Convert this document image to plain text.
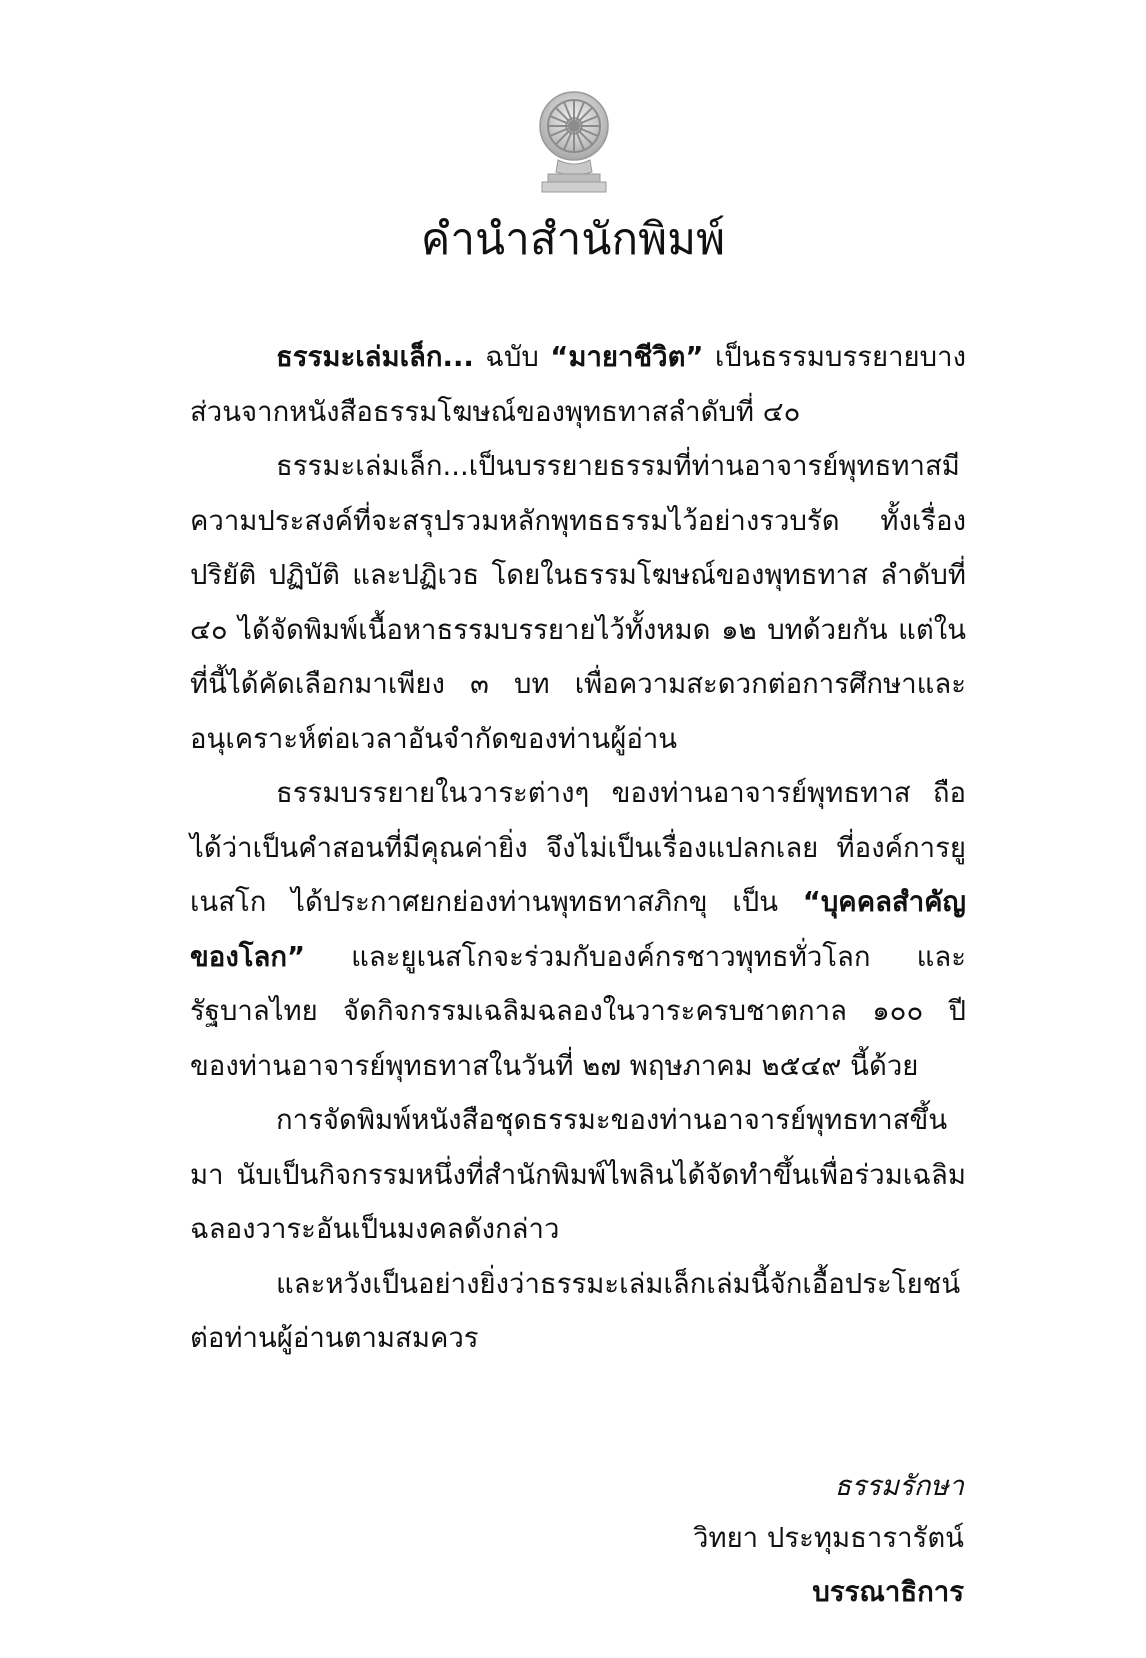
คำนำสำนักพิมพ์

ธรรมะเล่มเล็ก... ฉบับ “มายาชีวิต” เป็นธรรมบรรยายบางส่วนจากหนังสือธรรมโฆษณ์ของพุทธทาสลำดับที่ ๔๐

ธรรมะเล่มเล็ก...เป็นบรรยายธรรมที่ท่านอาจารย์พุทธทาสมีความประสงค์ที่จะสรุปรวมหลักพุทธธรรมไว้อย่างรวบรัด ทั้งเรื่องปริยัติ ปฏิบัติ และปฏิเวธ โดยในธรรมโฆษณ์ของพุทธทาส ลำดับที่ ๔๐ ได้จัดพิมพ์เนื้อหาธรรมบรรยายไว้ทั้งหมด ๑๒ บทด้วยกัน แต่ในที่นี้ได้คัดเลือกมาเพียง ๓ บท เพื่อความสะดวกต่อการศึกษาและอนุเคราะห์ต่อเวลาอันจำกัดของท่านผู้อ่าน

ธรรมบรรยายในวาระต่างๆ ของท่านอาจารย์พุทธทาส ถือได้ว่าเป็นคำสอนที่มีคุณค่ายิ่ง จึงไม่เป็นเรื่องแปลกเลย ที่องค์การยูเนสโก ได้ประกาศยกย่องท่านพุทธทาสภิกขุ เป็น “บุคคลสำคัญของโลก” และยูเนสโกจะร่วมกับองค์กรชาวพุทธทั่วโลก และรัฐบาลไทย จัดกิจกรรมเฉลิมฉลองในวาระครบชาตกาล ๑๐๐ ปี ของท่านอาจารย์พุทธทาสในวันที่ ๒๗ พฤษภาคม ๒๕๔๙ นี้ด้วย

การจัดพิมพ์หนังสือชุดธรรมะของท่านอาจารย์พุทธทาสขึ้นมา นับเป็นกิจกรรมหนึ่งที่สำนักพิมพ์ไพลินได้จัดทำขึ้นเพื่อร่วมเฉลิมฉลองวาระอันเป็นมงคลดังกล่าว

และหวังเป็นอย่างยิ่งว่าธรรมะเล่มเล็กเล่มนี้จักเอื้อประโยชน์ต่อท่านผู้อ่านตามสมควร

ธรรมรักษา
วิทยา ประทุมธารารัตน์
บรรณาธิการ
